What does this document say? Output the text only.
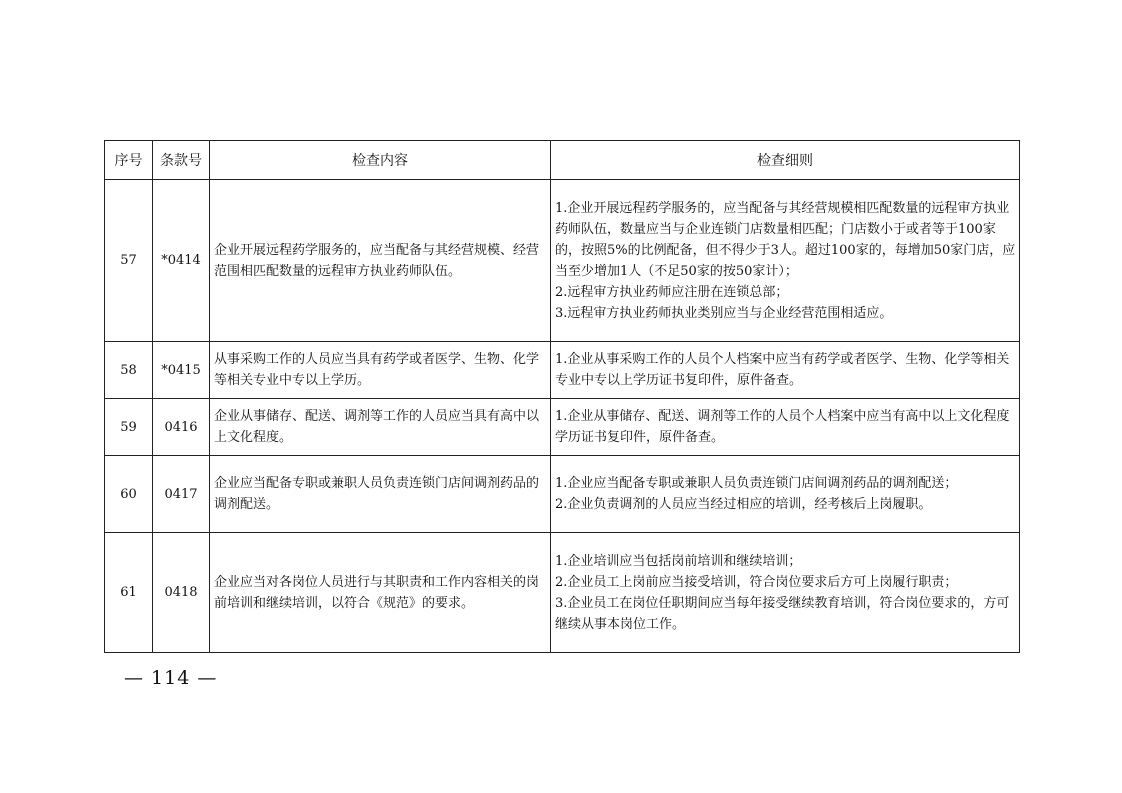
序号	条款号	检查内容	检查细则
57	*0414	企业开展远程药学服务的，应当配备与其经营规模、经营范围相匹配数量的远程审方执业药师队伍。	1.企业开展远程药学服务的，应当配备与其经营规模相匹配数量的远程审方执业药师队伍，数量应当与企业连锁门店数量相匹配；门店数小于或者等于100家的，按照5%的比例配备，但不得少于3人。超过100家的，每增加50家门店，应当至少增加1人（不足50家的按50家计）；
2.远程审方执业药师应注册在连锁总部；
3.远程审方执业药师执业类别应当与企业经营范围相适应。

58	*0415	从事采购工作的人员应当具有药学或者医学、生物、化学等相关专业中专以上学历。	1.企业从事采购工作的人员个人档案中应当有药学或者医学、生物、化学等相关专业中专以上学历证书复印件，原件备查。

59	0416	企业从事储存、配送、调剂等工作的人员应当具有高中以上文化程度。	1.企业从事储存、配送、调剂等工作的人员个人档案中应当有高中以上文化程度学历证书复印件，原件备查。

60	0417	企业应当配备专职或兼职人员负责连锁门店间调剂药品的调剂配送。	1.企业应当配备专职或兼职人员负责连锁门店间调剂药品的调剂配送；
2.企业负责调剂的人员应当经过相应的培训，经考核后上岗履职。

61	0418	企业应当对各岗位人员进行与其职责和工作内容相关的岗前培训和继续培训，以符合《规范》的要求。	1.企业培训应当包括岗前培训和继续培训；
2.企业员工上岗前应当接受培训，符合岗位要求后方可上岗履行职责；
3.企业员工在岗位任职期间应当每年接受继续教育培训，符合岗位要求的，方可继续从事本岗位工作。
— 114 —
